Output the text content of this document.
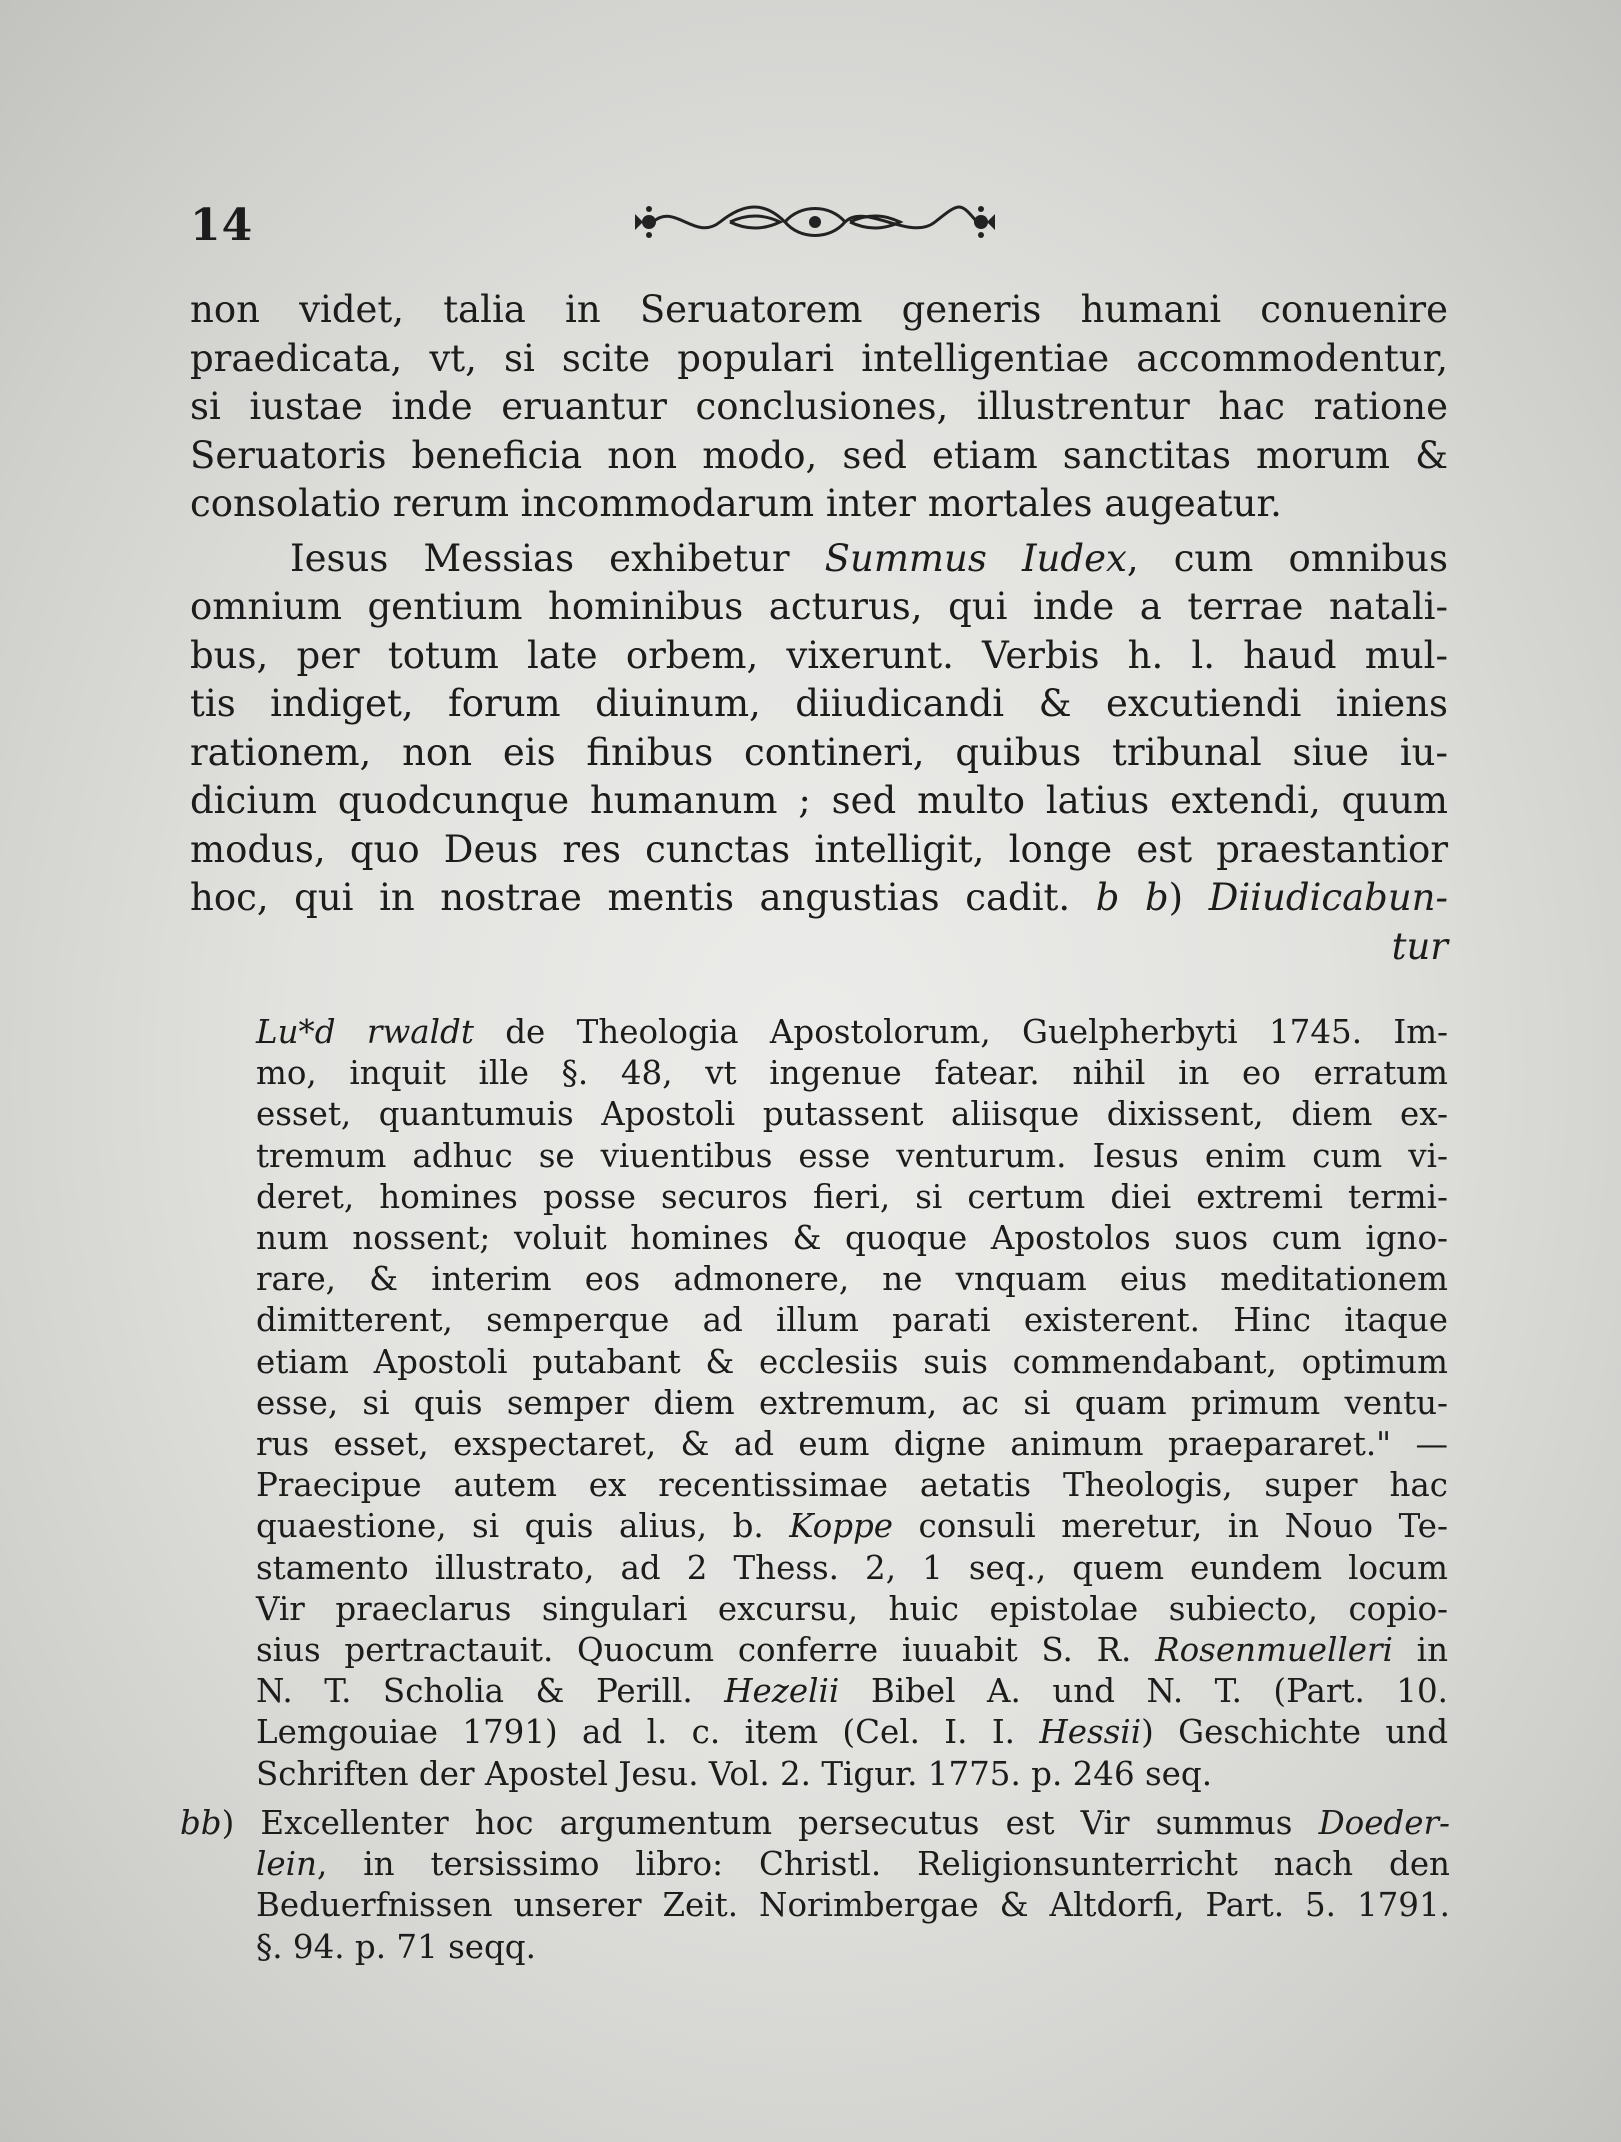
14
non videt, talia in Seruatorem generis humani conuenire
praedicata, vt, si scite populari intelligentiae accommodentur,
si iustae inde eruantur conclusiones, illustrentur hac ratione
Seruatoris beneficia non modo, sed etiam sanctitas morum &
consolatio rerum incommodarum inter mortales augeatur.
Iesus Messias exhibetur Summus Iudex, cum omnibus
omnium gentium hominibus acturus, qui inde a terrae natali-
bus, per totum late orbem, vixerunt. Verbis h. l. haud mul-
tis indiget, forum diuinum, diiudicandi & excutiendi iniens
rationem, non eis finibus contineri, quibus tribunal siue iu-
dicium quodcunque humanum ; sed multo latius extendi, quum
modus, quo Deus res cunctas intelligit, longe est praestantior
hoc, qui in nostrae mentis angustias cadit. b b) Diiudicabun-
tur
Lu*d rwaldt de Theologia Apostolorum, Guelpherbyti 1745. Im-
mo, inquit ille §. 48, vt ingenue fatear. nihil in eo erratum
esset, quantumuis Apostoli putassent aliisque dixissent, diem ex-
tremum adhuc se viuentibus esse venturum. Iesus enim cum vi-
deret, homines posse securos fieri, si certum diei extremi termi-
num nossent; voluit homines & quoque Apostolos suos cum igno-
rare, & interim eos admonere, ne vnquam eius meditationem
dimitterent, semperque ad illum parati existerent. Hinc itaque
etiam Apostoli putabant & ecclesiis suis commendabant, optimum
esse, si quis semper diem extremum, ac si quam primum ventu-
rus esset, exspectaret, & ad eum digne animum praepararet." —
Praecipue autem ex recentissimae aetatis Theologis, super hac
quaestione, si quis alius, b. Koppe consuli meretur, in Nouo Te-
stamento illustrato, ad 2 Thess. 2, 1 seq., quem eundem locum
Vir praeclarus singulari excursu, huic epistolae subiecto, copio-
sius pertractauit. Quocum conferre iuuabit S. R. Rosenmuelleri in
N. T. Scholia & Perill. Hezelii Bibel A. und N. T. (Part. 10.
Lemgouiae 1791) ad l. c. item (Cel. I. I. Hessii) Geschichte und
Schriften der Apostel Jesu. Vol. 2. Tigur. 1775. p. 246 seq.
bb) Excellenter hoc argumentum persecutus est Vir summus Doeder-
lein, in tersissimo libro: Christl. Religionsunterricht nach den
Beduerfnissen unserer Zeit. Norimbergae & Altdorfi, Part. 5. 1791.
§. 94. p. 71 seqq.
